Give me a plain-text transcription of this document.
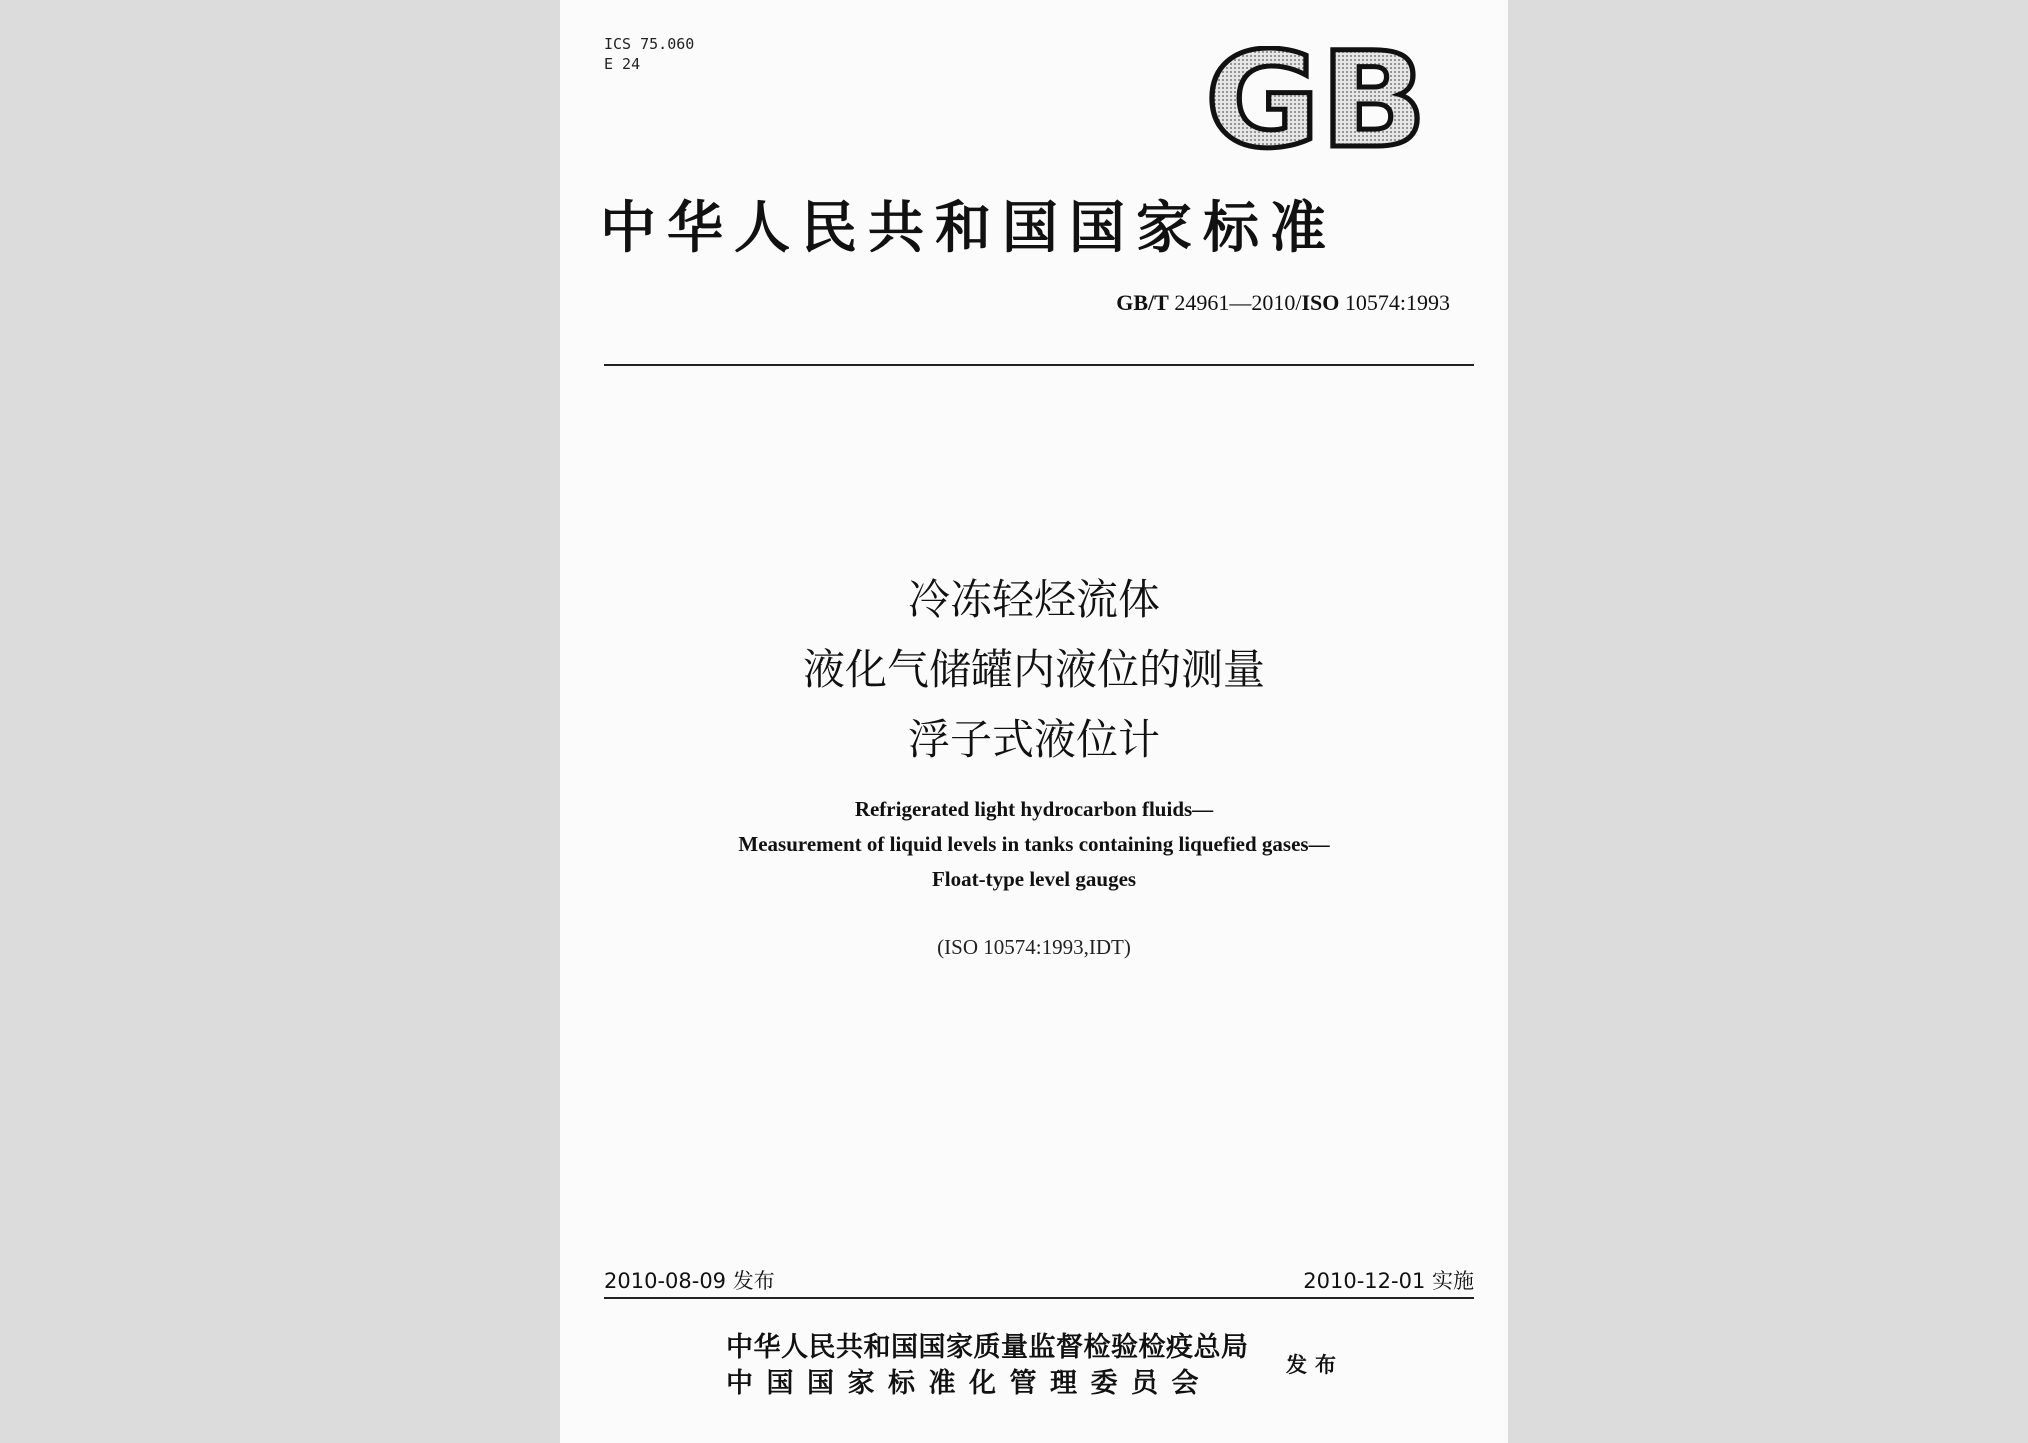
ICS 75.060
E 24	GB
中华人民共和国国家标准
GB/T 24961—2010/ISO 10574:1993
冷冻轻烃流体
液化气储罐内液位的测量
浮子式液位计
Refrigerated light hydrocarbon fluids—
Measurement of liquid levels in tanks containing liquefied gases—
Float-type level gauges
(ISO 10574:1993,IDT)
2010-08-09 发布	2010-12-01 实施
中华人民共和国国家质量监督检验检疫总局
中国国家标准化管理委员会
发布
